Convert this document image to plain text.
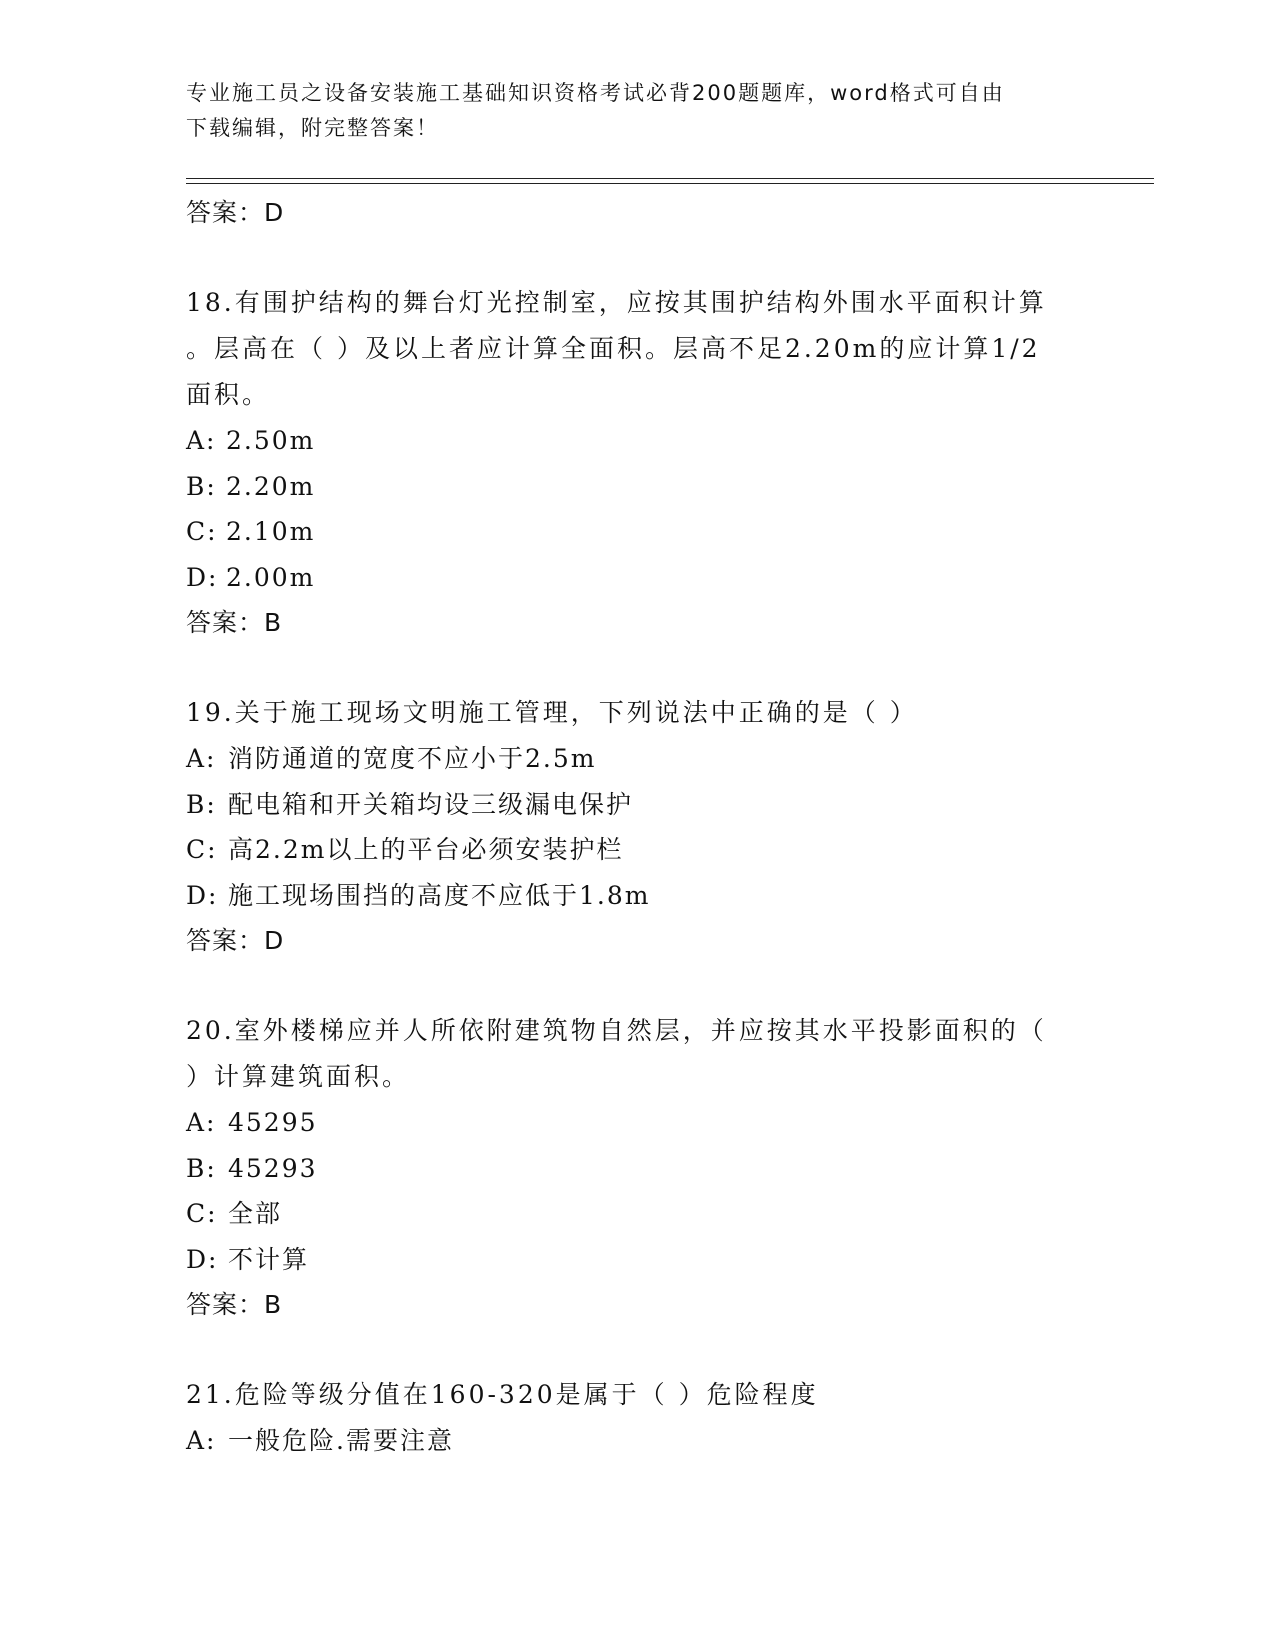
专业施工员之设备安装施工基础知识资格考试必背200题题库，word格式可自由
下载编辑，附完整答案！
答案：D
18.有围护结构的舞台灯光控制室，应按其围护结构外围水平面积计算
。层高在（ ）及以上者应计算全面积。层高不足2.20m的应计算1/2
面积。
A: 2.50m
B: 2.20m
C: 2.10m
D: 2.00m
答案：B
19.关于施工现场文明施工管理，下列说法中正确的是（ ）
A: 消防通道的宽度不应小于2.5m
B: 配电箱和开关箱均设三级漏电保护
C: 高2.2m以上的平台必须安装护栏
D: 施工现场围挡的高度不应低于1.8m
答案：D
20.室外楼梯应并人所依附建筑物自然层，并应按其水平投影面积的（
）计算建筑面积。
A: 45295
B: 45293
C: 全部
D: 不计算
答案：B
21.危险等级分值在160-320是属于（ ）危险程度
A: 一般危险.需要注意
